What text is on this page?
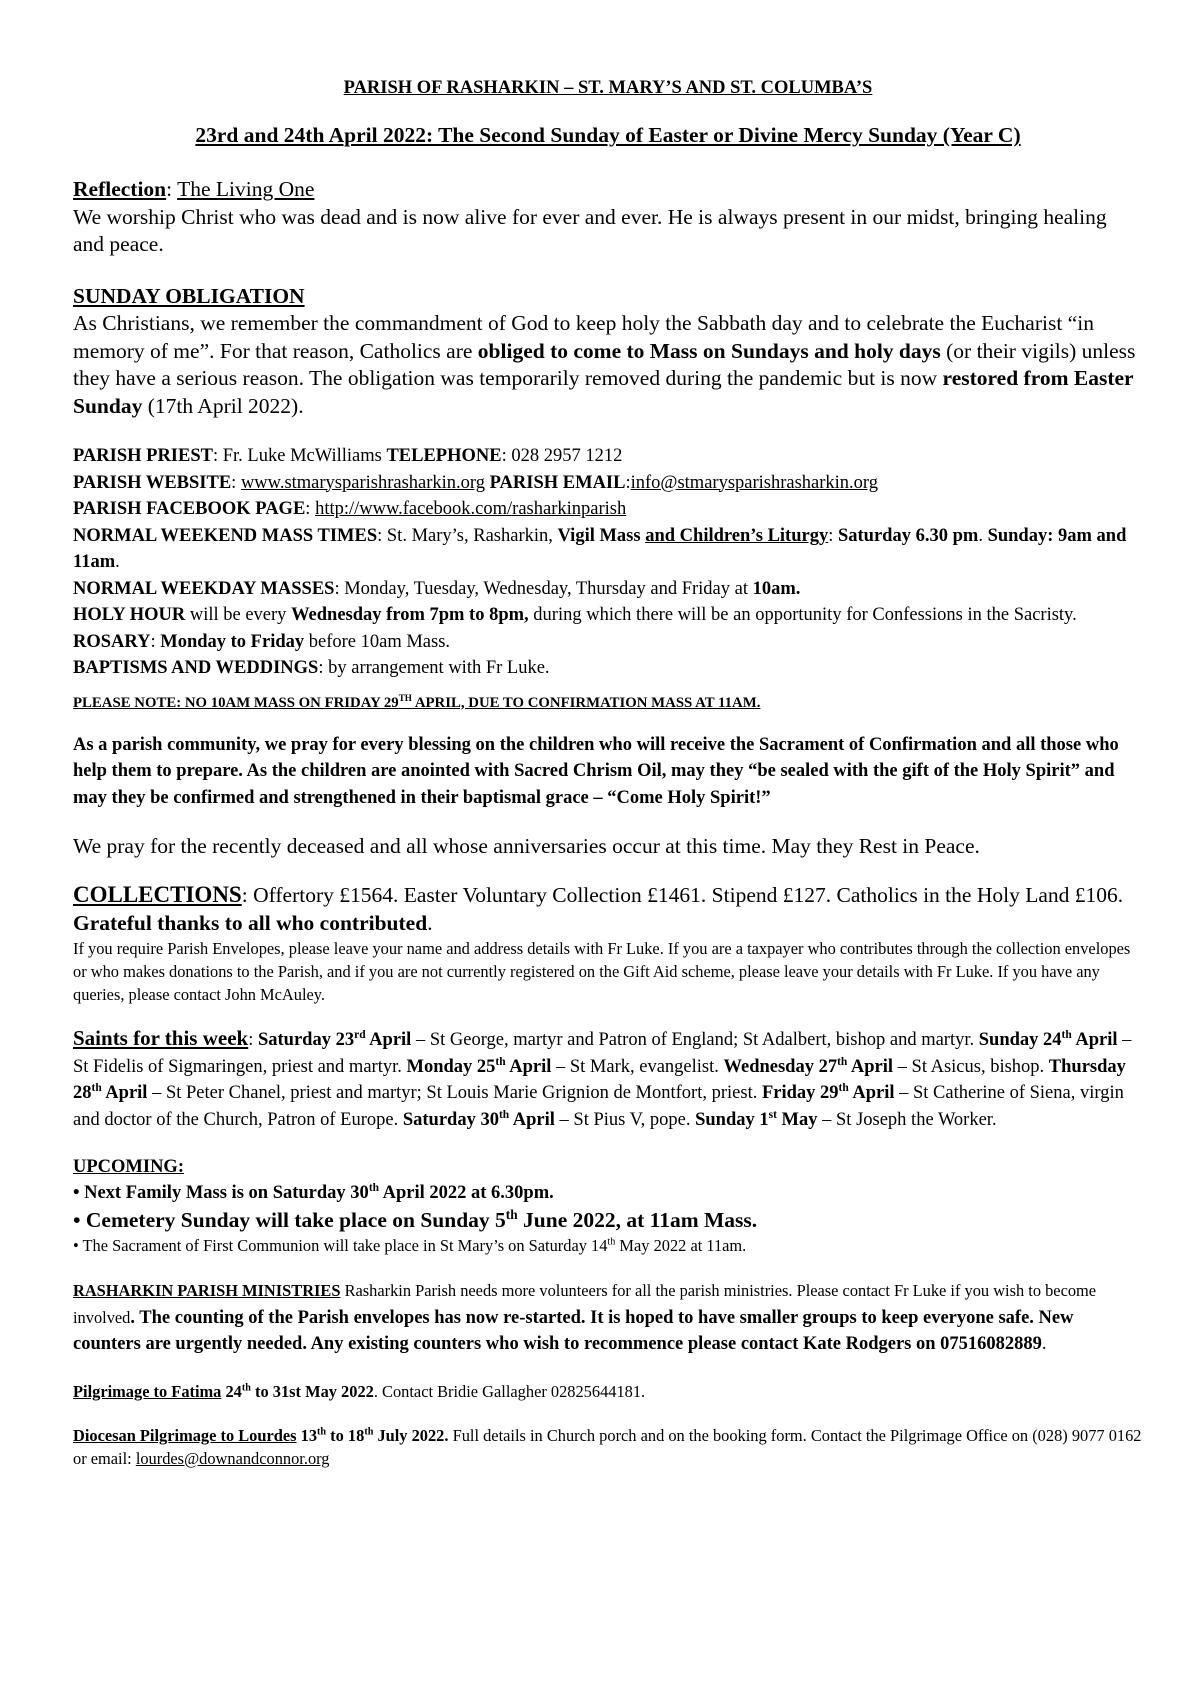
PARISH OF RASHARKIN – ST. MARY’S AND ST. COLUMBA’S

23rd and 24th April 2022: The Second Sunday of Easter or Divine Mercy Sunday (Year C)

Reflection: The Living One
We worship Christ who was dead and is now alive for ever and ever. He is always present in our midst, bringing healing and peace.
SUNDAY OBLIGATION
As Christians, we remember the commandment of God to keep holy the Sabbath day and to celebrate the Eucharist “in memory of me”. For that reason, Catholics are obliged to come to Mass on Sundays and holy days (or their vigils) unless they have a serious reason. The obligation was temporarily removed during the pandemic but is now restored from Easter Sunday (17th April 2022).

PARISH PRIEST: Fr. Luke McWilliams TELEPHONE: 028 2957 1212

PARISH WEBSITE: www.stmarysparishrasharkin.org PARISH EMAIL:info@stmarysparishrasharkin.org

PARISH FACEBOOK PAGE: http://www.facebook.com/rasharkinparish

NORMAL WEEKEND MASS TIMES: St. Mary’s, Rasharkin, Vigil Mass and Children’s Liturgy: Saturday 6.30 pm. Sunday: 9am and 11am.

NORMAL WEEKDAY MASSES: Monday, Tuesday, Wednesday, Thursday and Friday at 10am.

HOLY HOUR will be every Wednesday from 7pm to 8pm, during which there will be an opportunity for Confessions in the Sacristy.

ROSARY: Monday to Friday before 10am Mass.

BAPTISMS AND WEDDINGS: by arrangement with Fr Luke.

PLEASE NOTE: NO 10AM MASS ON FRIDAY 29TH APRIL, DUE TO CONFIRMATION MASS AT 11AM.

As a parish community, we pray for every blessing on the children who will receive the Sacrament of Confirmation and all those who help them to prepare. As the children are anointed with Sacred Chrism Oil, may they “be sealed with the gift of the Holy Spirit” and may they be confirmed and strengthened in their baptismal grace – “Come Holy Spirit!”

We pray for the recently deceased and all whose anniversaries occur at this time. May they Rest in Peace.

COLLECTIONS: Offertory £1564. Easter Voluntary Collection £1461. Stipend £127. Catholics in the Holy Land £106. Grateful thanks to all who contributed.

If you require Parish Envelopes, please leave your name and address details with Fr Luke. If you are a taxpayer who contributes through the collection envelopes or who makes donations to the Parish, and if you are not currently registered on the Gift Aid scheme, please leave your details with Fr Luke. If you have any queries, please contact John McAuley.

Saints for this week: Saturday 23rd April – St George, martyr and Patron of England; St Adalbert, bishop and martyr. Sunday 24th April – St Fidelis of Sigmaringen, priest and martyr. Monday 25th April – St Mark, evangelist. Wednesday 27th April – St Asicus, bishop. Thursday 28th April – St Peter Chanel, priest and martyr; St Louis Marie Grignion de Montfort, priest. Friday 29th April – St Catherine of Siena, virgin and doctor of the Church, Patron of Europe. Saturday 30th April – St Pius V, pope. Sunday 1st May – St Joseph the Worker.

UPCOMING:

• Next Family Mass is on Saturday 30th April 2022 at 6.30pm.

• Cemetery Sunday will take place on Sunday 5th June 2022, at 11am Mass.

• The Sacrament of First Communion will take place in St Mary’s on Saturday 14th May 2022 at 11am.

RASHARKIN PARISH MINISTRIES Rasharkin Parish needs more volunteers for all the parish ministries. Please contact Fr Luke if you wish to become involved. The counting of the Parish envelopes has now re-started. It is hoped to have smaller groups to keep everyone safe. New counters are urgently needed. Any existing counters who wish to recommence please contact Kate Rodgers on 07516082889.

Pilgrimage to Fatima 24th to 31st May 2022. Contact Bridie Gallagher 02825644181.

Diocesan Pilgrimage to Lourdes 13th to 18th July 2022. Full details in Church porch and on the booking form. Contact the Pilgrimage Office on (028) 9077 0162 or email: lourdes@downandconnor.org
